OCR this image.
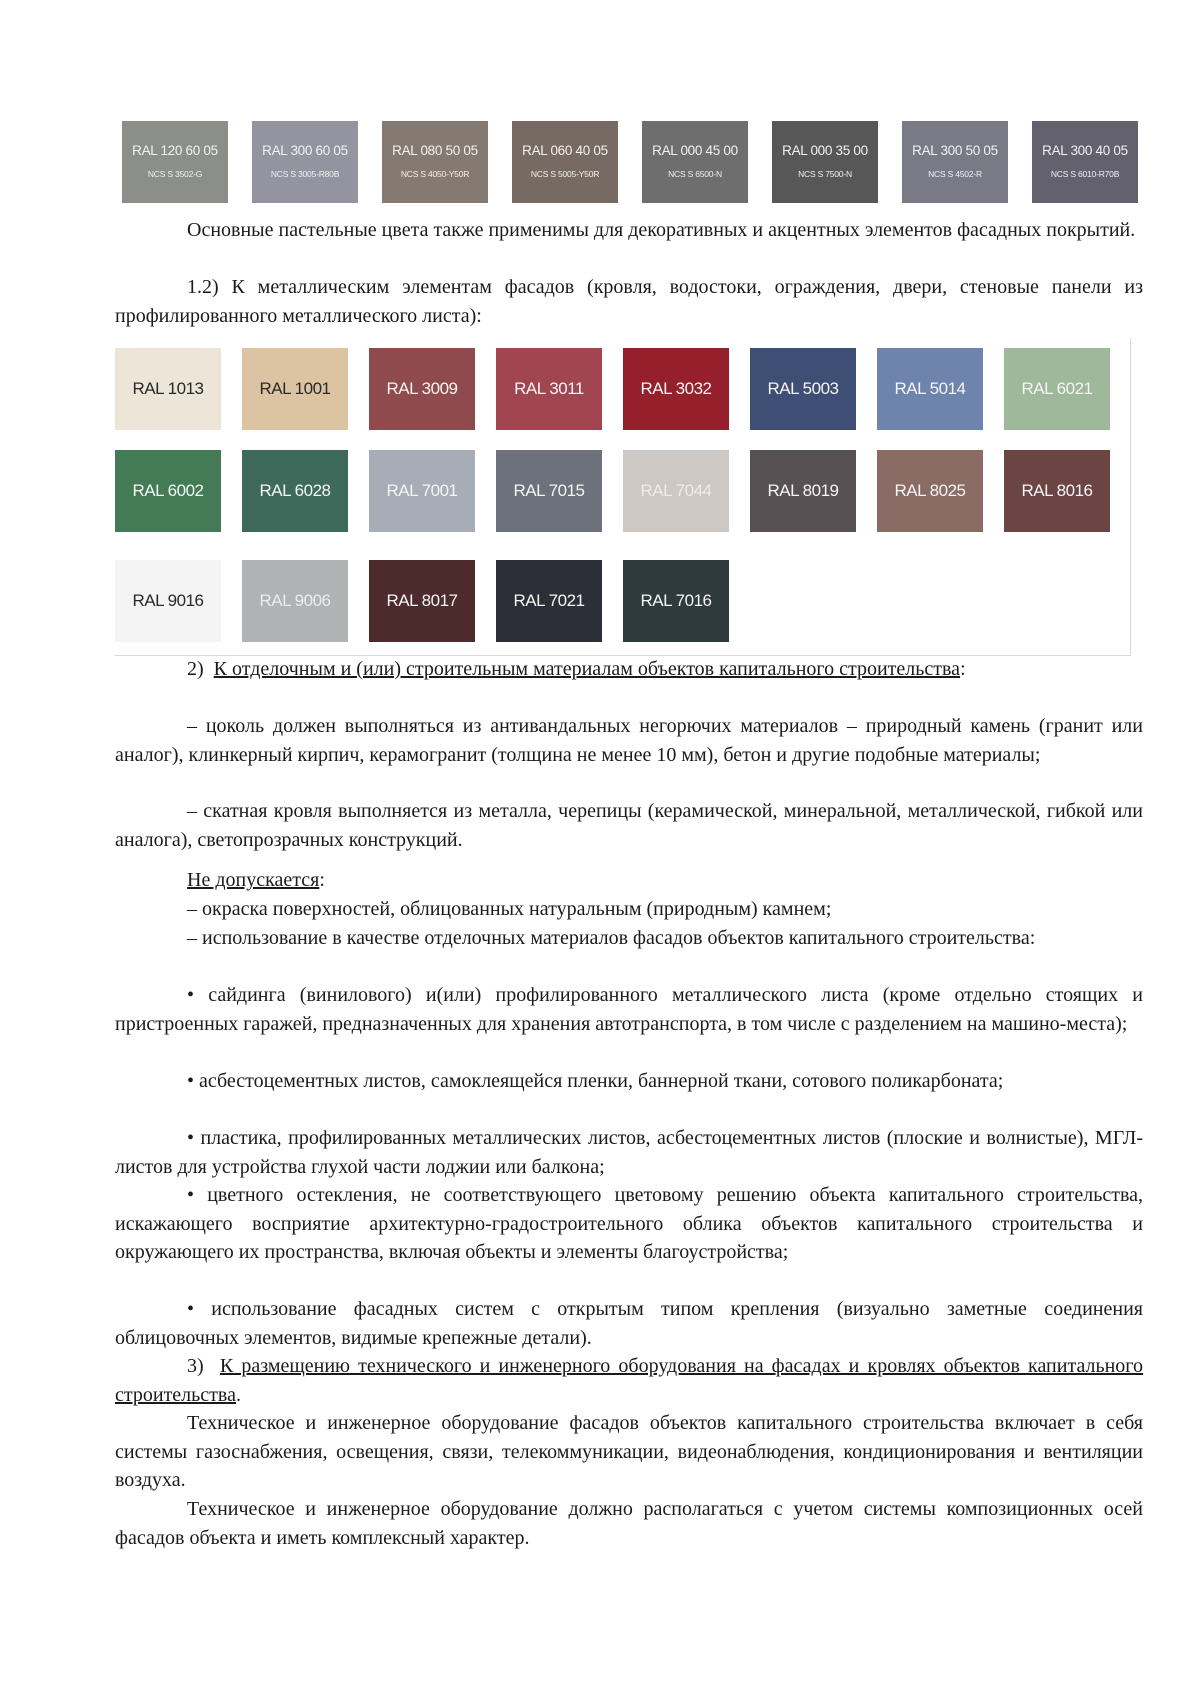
RAL 120 60 05
NCS S 3502-G
RAL 300 60 05
NCS S 3005-R80B
RAL 080 50 05
NCS S 4050-Y50R
RAL 060 40 05
NCS S 5005-Y50R
RAL 000 45 00
NCS S 6500-N
RAL 000 35 00
NCS S 7500-N
RAL 300 50 05
NCS S 4502-R
RAL 300 40 05
NCS S 6010-R70B

Основные пастельные цвета также применимы для декоративных и акцентных элементов фасадных покрытий.

1.2) К металлическим элементам фасадов (кровля, водостоки, ограждения, двери, стеновые панели из профилированного металлического листа):

RAL 1013	RAL 1001	RAL 3009	RAL 3011	RAL 3032	RAL 5003	RAL 5014	RAL 6021
RAL 6002	RAL 6028	RAL 7001	RAL 7015	RAL 7044	RAL 8019	RAL 8025	RAL 8016
RAL 9016	RAL 9006	RAL 8017	RAL 7021	RAL 7016

2) К отделочным и (или) строительным материалам объектов капитального строительства:

– цоколь должен выполняться из антивандальных негорючих материалов – природный камень (гранит или аналог), клинкерный кирпич, керамогранит (толщина не менее 10 мм), бетон и другие подобные материалы;

– скатная кровля выполняется из металла, черепицы (керамической, минеральной, металлической, гибкой или аналога), светопрозрачных конструкций.

Не допускается:

– окраска поверхностей, облицованных натуральным (природным) камнем;

– использование в качестве отделочных материалов фасадов объектов капитального строительства:

• сайдинга (винилового) и(или) профилированного металлического листа (кроме отдельно стоящих и пристроенных гаражей, предназначенных для хранения автотранспорта, в том числе с разделением на машино-места);

• асбестоцементных листов, самоклеящейся пленки, баннерной ткани, сотового поликарбоната;

• пластика, профилированных металлических листов, асбестоцементных листов (плоские и волнистые), МГЛ-листов для устройства глухой части лоджии или балкона;

• цветного остекления, не соответствующего цветовому решению объекта капитального строительства, искажающего восприятие архитектурно-градостроительного облика объектов капитального строительства и окружающего их пространства, включая объекты и элементы благоустройства;

• использование фасадных систем с открытым типом крепления (визуально заметные соединения облицовочных элементов, видимые крепежные детали).

3) К размещению технического и инженерного оборудования на фасадах и кровлях объектов капитального строительства.

Техническое и инженерное оборудование фасадов объектов капитального строительства включает в себя системы газоснабжения, освещения, связи, телекоммуникации, видеонаблюдения, кондиционирования и вентиляции воздуха.

Техническое и инженерное оборудование должно располагаться с учетом системы композиционных осей фасадов объекта и иметь комплексный характер.
